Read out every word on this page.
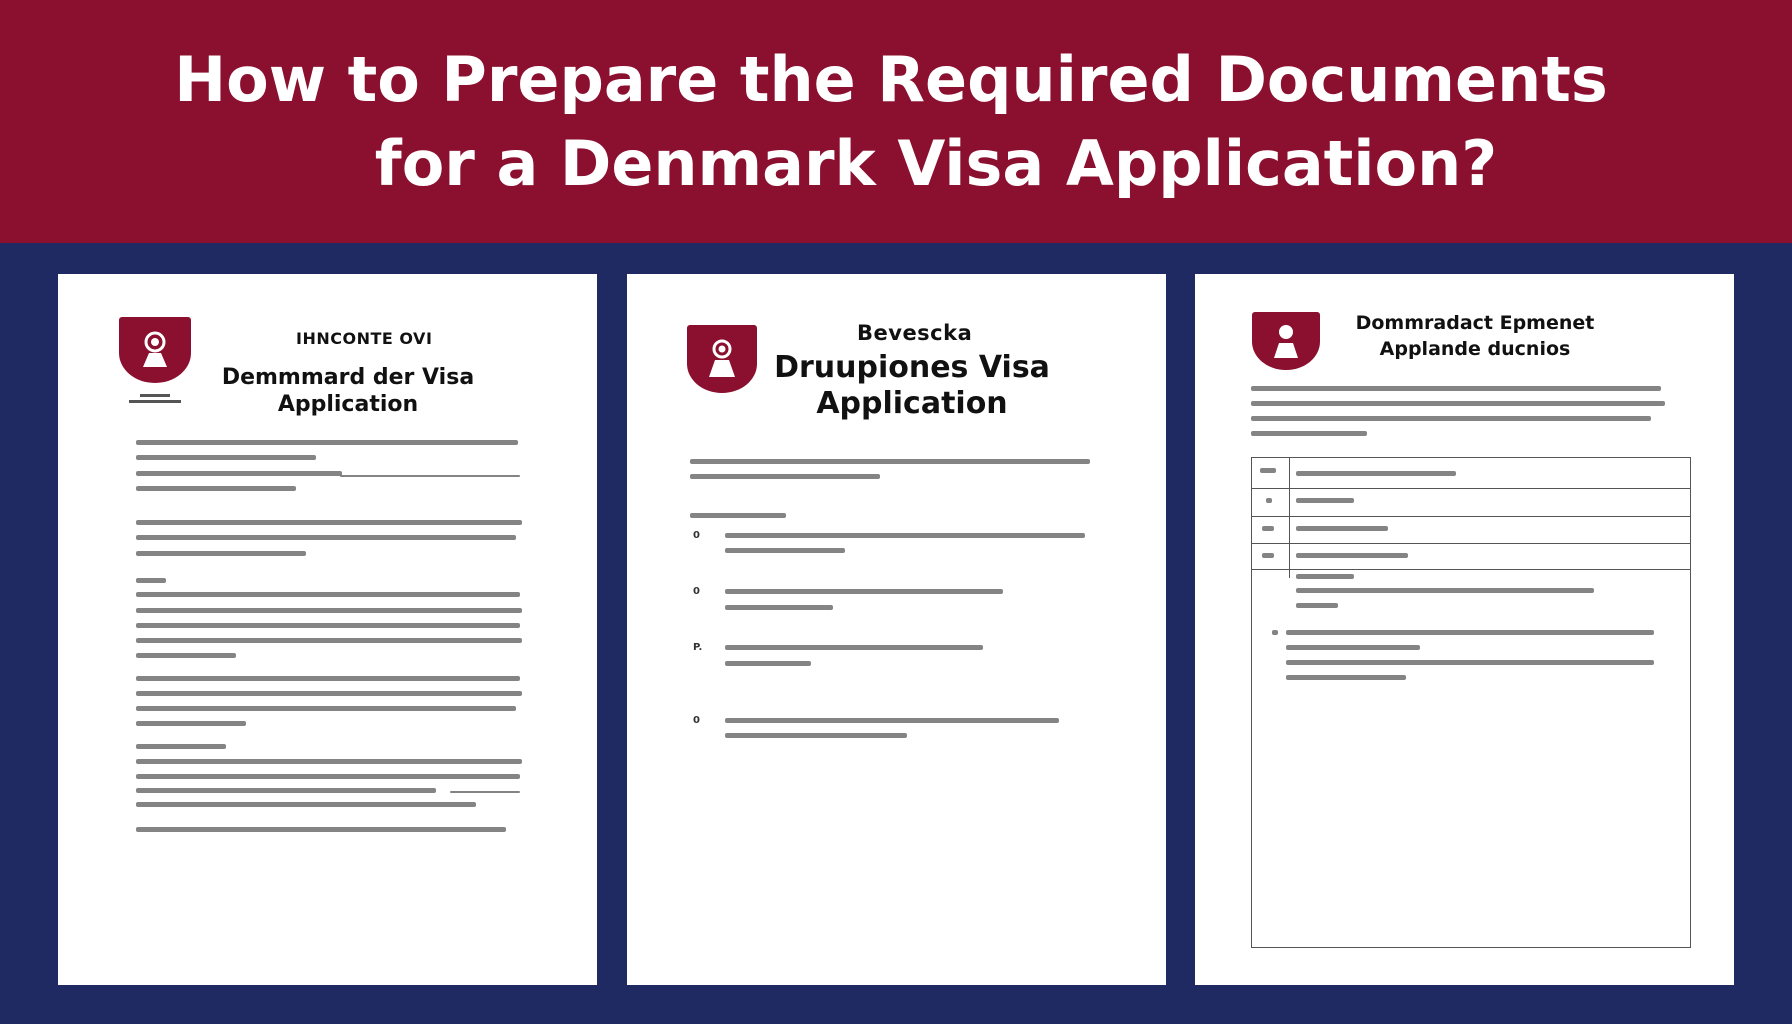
How to Prepare the Required Documents
for a Denmark Visa Application?
IHNCONTE OVI
Demmmard der Visa
Application
Bevescka
Druupiones Visa
Application
0
0
P.
0
Dommradact Epmenet
Applande ducnios
